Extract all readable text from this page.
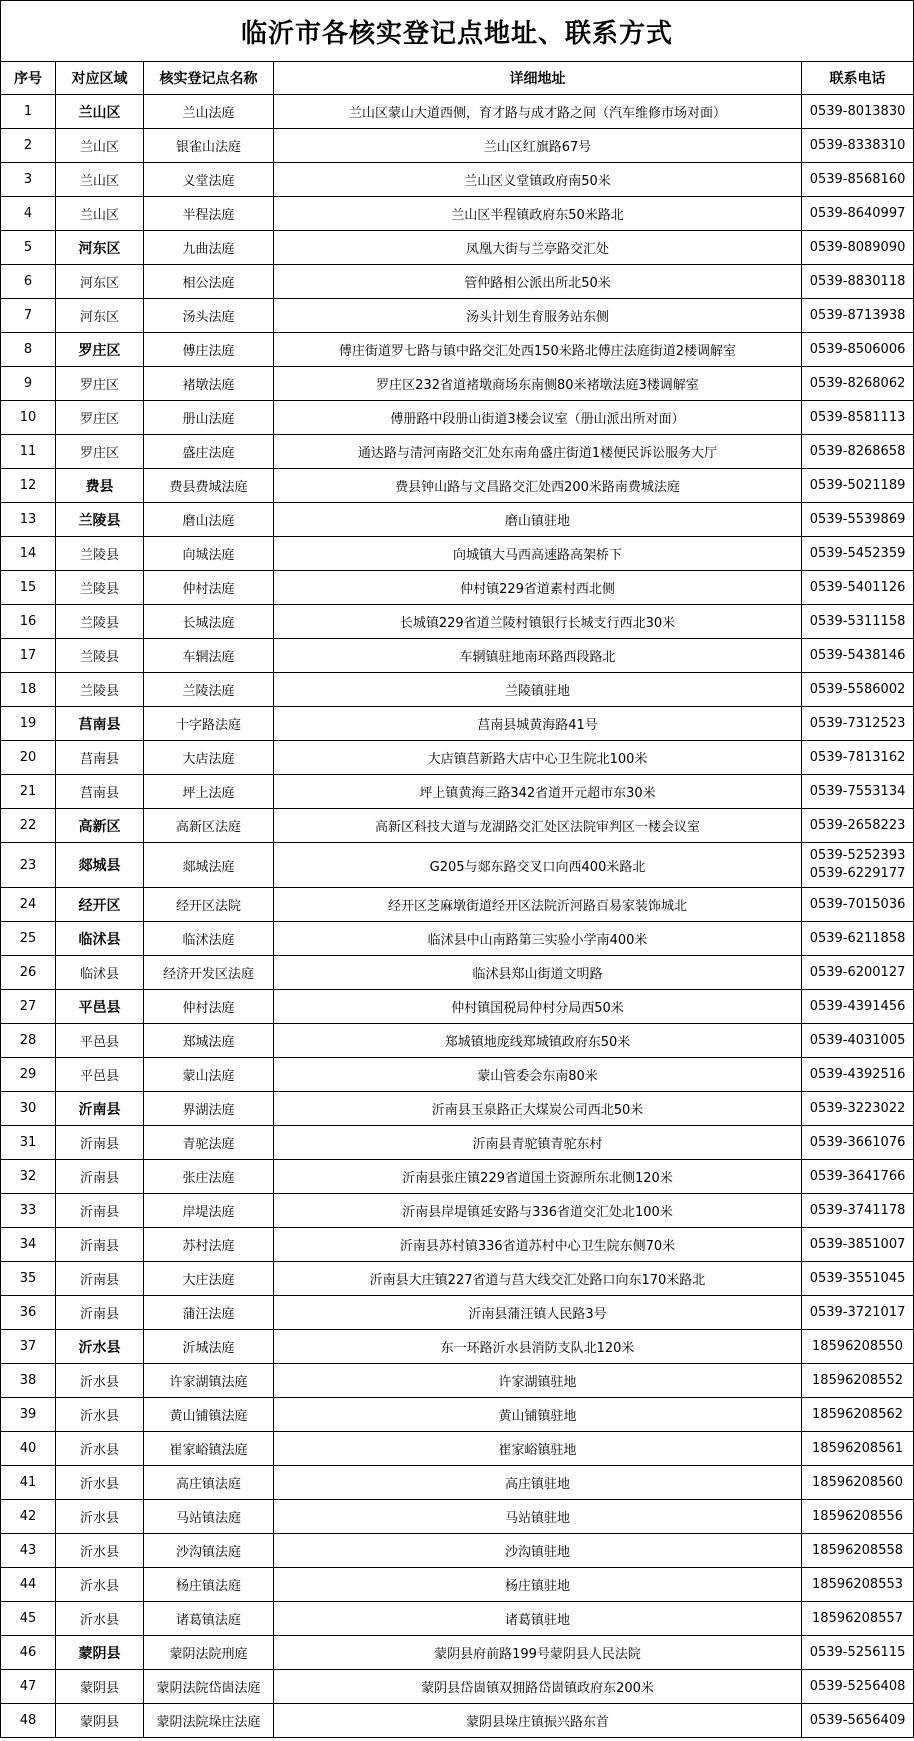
临沂市各核实登记点地址、联系方式				
序号	对应区域	核实登记点名称	详细地址	联系电话
1	兰山区	兰山法庭	兰山区蒙山大道西侧，育才路与成才路之间（汽车维修市场对面）	0539-8013830

2	兰山区	银雀山法庭	兰山区红旗路67号	0539-8338310

3	兰山区	义堂法庭	兰山区义堂镇政府南50米	0539-8568160

4	兰山区	半程法庭	兰山区半程镇政府东50米路北	0539-8640997

5	河东区	九曲法庭	凤凰大街与兰亭路交汇处	0539-8089090

6	河东区	相公法庭	管仲路相公派出所北50米	0539-8830118

7	河东区	汤头法庭	汤头计划生育服务站东侧	0539-8713938

8	罗庄区	傅庄法庭	傅庄街道罗七路与镇中路交汇处西150米路北傅庄法庭街道2楼调解室	0539-8506006

9	罗庄区	褚墩法庭	罗庄区232省道褚墩商场东南侧80米褚墩法庭3楼调解室	0539-8268062

10	罗庄区	册山法庭	傅册路中段册山街道3楼会议室（册山派出所对面）	0539-8581113

11	罗庄区	盛庄法庭	通达路与清河南路交汇处东南角盛庄街道1楼便民诉讼服务大厅	0539-8268658

12	费县	费县费城法庭	费县钟山路与文昌路交汇处西200米路南费城法庭	0539-5021189

13	兰陵县	磨山法庭	磨山镇驻地	0539-5539869

14	兰陵县	向城法庭	向城镇大马西高速路高架桥下	0539-5452359

15	兰陵县	仲村法庭	仲村镇229省道素村西北侧	0539-5401126

16	兰陵县	长城法庭	长城镇229省道兰陵村镇银行长城支行西北30米	0539-5311158

17	兰陵县	车辋法庭	车辋镇驻地南环路西段路北	0539-5438146

18	兰陵县	兰陵法庭	兰陵镇驻地	0539-5586002

19	莒南县	十字路法庭	莒南县城黄海路41号	0539-7312523

20	莒南县	大店法庭	大店镇莒新路大店中心卫生院北100米	0539-7813162

21	莒南县	坪上法庭	坪上镇黄海三路342省道开元超市东30米	0539-7553134

22	高新区	高新区法庭	高新区科技大道与龙湖路交汇处区法院审判区一楼会议室	0539-2658223

23	郯城县	郯城法庭	G205与郯东路交叉口向西400米路北	0539-5252393
0539-6229177

24	经开区	经开区法院	经开区芝麻墩街道经开区法院沂河路百易家装饰城北	0539-7015036

25	临沭县	临沭法庭	临沭县中山南路第三实验小学南400米	0539-6211858

26	临沭县	经济开发区法庭	临沭县郑山街道文明路	0539-6200127

27	平邑县	仲村法庭	仲村镇国税局仲村分局西50米	0539-4391456

28	平邑县	郑城法庭	郑城镇地庞线郑城镇政府东50米	0539-4031005

29	平邑县	蒙山法庭	蒙山管委会东南80米	0539-4392516

30	沂南县	界湖法庭	沂南县玉泉路正大煤炭公司西北50米	0539-3223022

31	沂南县	青驼法庭	沂南县青驼镇青驼东村	0539-3661076

32	沂南县	张庄法庭	沂南县张庄镇229省道国土资源所东北侧120米	0539-3641766

33	沂南县	岸堤法庭	沂南县岸堤镇延安路与336省道交汇处北100米	0539-3741178

34	沂南县	苏村法庭	沂南县苏村镇336省道苏村中心卫生院东侧70米	0539-3851007

35	沂南县	大庄法庭	沂南县大庄镇227省道与莒大线交汇处路口向东170米路北	0539-3551045

36	沂南县	蒲汪法庭	沂南县蒲汪镇人民路3号	0539-3721017

37	沂水县	沂城法庭	东一环路沂水县消防支队北120米	18596208550

38	沂水县	许家湖镇法庭	许家湖镇驻地	18596208552

39	沂水县	黄山铺镇法庭	黄山铺镇驻地	18596208562

40	沂水县	崔家峪镇法庭	崔家峪镇驻地	18596208561

41	沂水县	高庄镇法庭	高庄镇驻地	18596208560

42	沂水县	马站镇法庭	马站镇驻地	18596208556

43	沂水县	沙沟镇法庭	沙沟镇驻地	18596208558

44	沂水县	杨庄镇法庭	杨庄镇驻地	18596208553

45	沂水县	诸葛镇法庭	诸葛镇驻地	18596208557

46	蒙阴县	蒙阴法院刑庭	蒙阴县府前路199号蒙阴县人民法院	0539-5256115

47	蒙阴县	蒙阴法院岱崮法庭	蒙阴县岱崮镇双拥路岱崮镇政府东200米	0539-5256408

48	蒙阴县	蒙阴法院垛庄法庭	蒙阴县垛庄镇振兴路东首	0539-5656409
